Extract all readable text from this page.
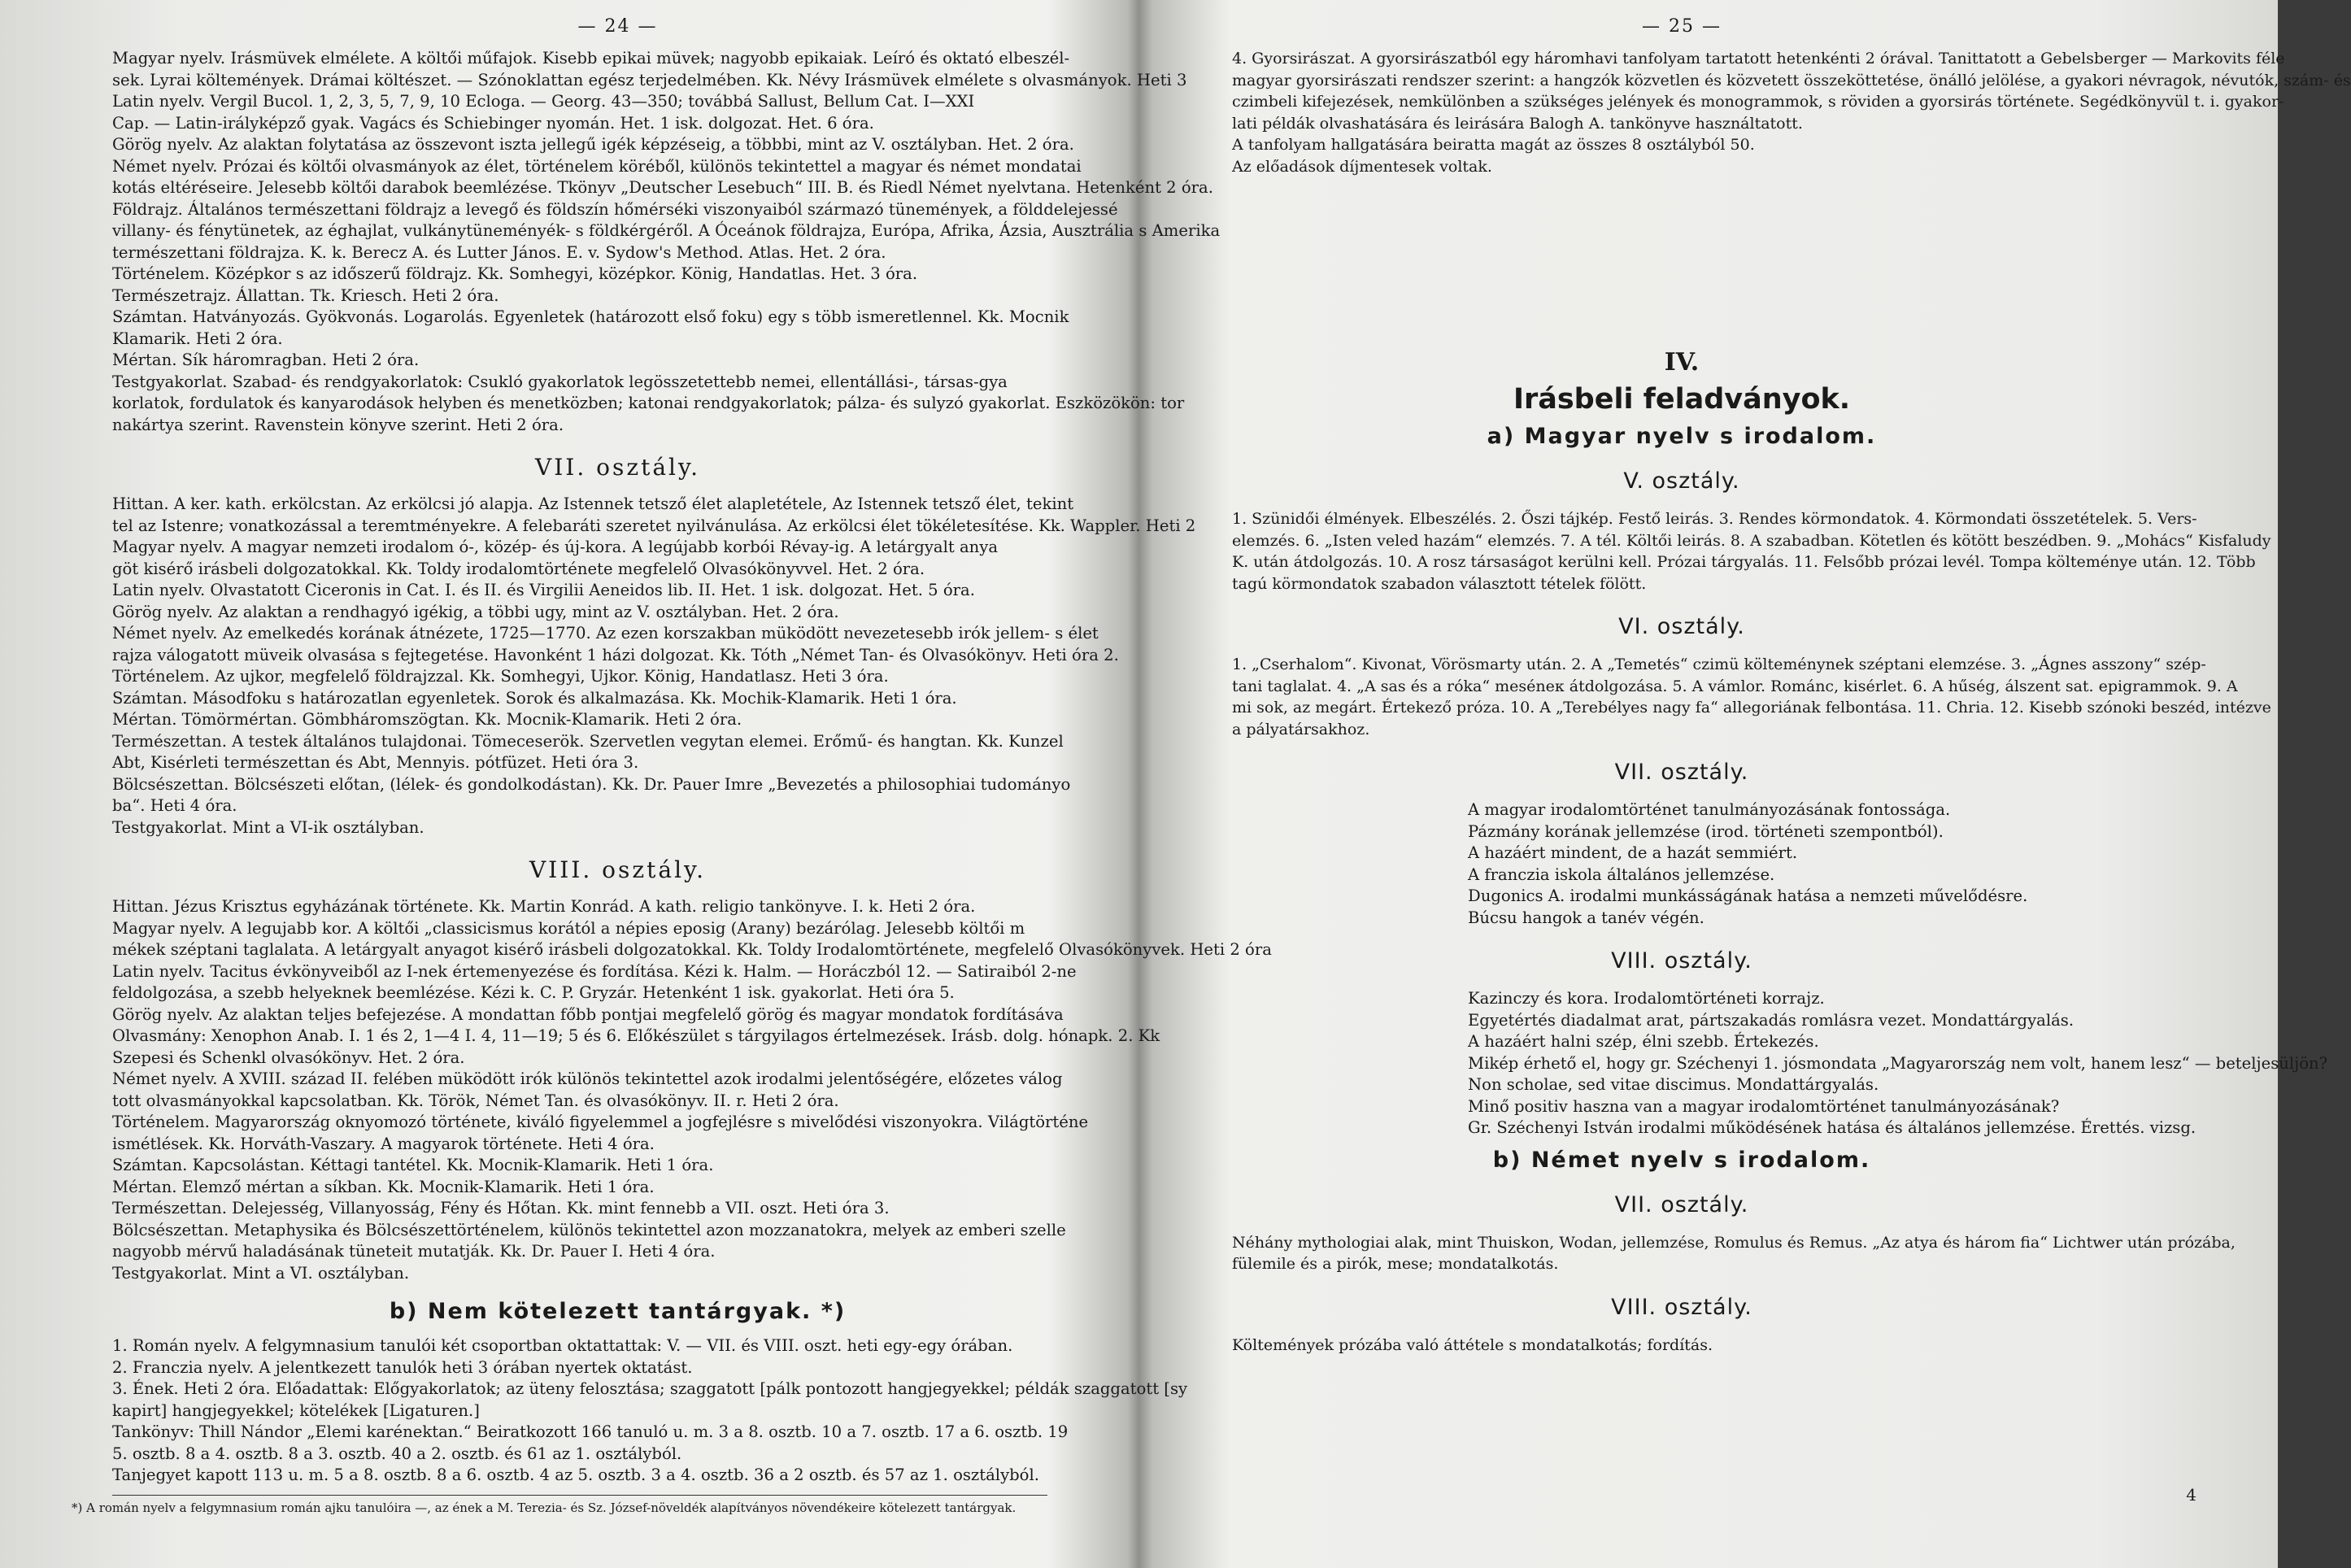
— 24 —
Magyar nyelv. Irásmüvek elmélete. A költői műfajok. Kisebb epikai müvek; nagyobb epikaiak. Leíró és oktató elbeszél-
sek. Lyrai költemények. Drámai költészet. — Szónoklattan egész terjedelmében. Kk. Névy Irásmüvek elmélete s olvasmányok. Heti 3
Latin nyelv. Vergil Bucol. 1, 2, 3, 5, 7, 9, 10 Ecloga. — Georg. 43—350; továbbá Sallust, Bellum Cat. I—XXI
Cap. — Latin-irályképző gyak. Vagács és Schiebinger nyomán. Het. 1 isk. dolgozat. Het. 6 óra.
Görög nyelv. Az alaktan folytatása az összevont iszta jellegű igék képzéseig, a többbi, mint az V. osztályban. Het. 2 óra.
Német nyelv. Prózai és költői olvasmányok az élet, történelem köréből, különös tekintettel a magyar és német mondatai
kotás eltéréseire. Jelesebb költői darabok beemlézése. Tkönyv „Deutscher Lesebuch“ III. B. és Riedl Német nyelvtana. Hetenként 2 óra.
Földrajz. Általános természettani földrajz a levegő és földszín hőmérséki viszonyaiból származó tünemények, a földdelejessé
villany- és fénytünetek, az éghajlat, vulkánytüneményék- s földkérgéről. A Óceánok földrajza, Európa, Afrika, Ázsia, Ausztrália s Amerika
természettani földrajza. K. k. Berecz A. és Lutter János. E. v. Sydow's Method. Atlas. Het. 2 óra.
Történelem. Középkor s az időszerű földrajz. Kk. Somhegyi, középkor. König, Handatlas. Het. 3 óra.
Természetrajz. Állattan. Tk. Kriesch. Heti 2 óra.
Számtan. Hatványozás. Gyökvonás. Logarolás. Egyenletek (határozott első foku) egy s több ismeretlennel. Kk. Mocnik
Klamarik. Heti 2 óra.
Mértan. Sík háromragban. Heti 2 óra.
Testgyakorlat. Szabad- és rendgyakorlatok: Csukló gyakorlatok legösszetettebb nemei, ellentállási-, társas-gya
korlatok, fordulatok és kanyarodások helyben és menetközben; katonai rendgyakorlatok; pálza- és sulyzó gyakorlat. Eszközökön: tor
nakártya szerint. Ravenstein könyve szerint. Heti 2 óra.
VII. osztály.
Hittan. A ker. kath. erkölcstan. Az erkölcsi jó alapja. Az Istennek tetsző élet alapletétele, Az Istennek tetsző élet, tekint
tel az Istenre; vonatkozással a teremtményekre. A felebaráti szeretet nyilvánulása. Az erkölcsi élet tökéletesítése. Kk. Wappler. Heti 2
Magyar nyelv. A magyar nemzeti irodalom ó-, közép- és új-kora. A legújabb korbói Révay-ig. A letárgyalt anya
göt kisérő irásbeli dolgozatokkal. Kk. Toldy irodalomtörténete megfelelő Olvasókönyvvel. Het. 2 óra.
Latin nyelv. Olvastatott Ciceronis in Cat. I. és II. és Virgilii Aeneidos lib. II. Het. 1 isk. dolgozat. Het. 5 óra.
Görög nyelv. Az alaktan a rendhagyó igékig, a többi ugy, mint az V. osztályban. Het. 2 óra.
Német nyelv. Az emelkedés korának átnézete, 1725—1770. Az ezen korszakban müködött nevezetesebb irók jellem- s élet
rajza válogatott müveik olvasása s fejtegetése. Havonként 1 házi dolgozat. Kk. Tóth „Német Tan- és Olvasókönyv. Heti óra 2.
Történelem. Az ujkor, megfelelő földrajzzal. Kk. Somhegyi, Ujkor. König, Handatlasz. Heti 3 óra.
Számtan. Másodfoku s határozatlan egyenletek. Sorok és alkalmazása. Kk. Mochik-Klamarik. Heti 1 óra.
Mértan. Tömörmértan. Gömbháromszögtan. Kk. Mocnik-Klamarik. Heti 2 óra.
Természettan. A testek általános tulajdonai. Tömeceserök. Szervetlen vegytan elemei. Erőmű- és hangtan. Kk. Kunzel
Abt, Kisérleti természettan és Abt, Mennyis. pótfüzet. Heti óra 3.
Bölcsészettan. Bölcsészeti előtan, (lélek- és gondolkodástan). Kk. Dr. Pauer Imre „Bevezetés a philosophiai tudományo
ba“. Heti 4 óra.
Testgyakorlat. Mint a VI-ik osztályban.
VIII. osztály.
Hittan. Jézus Krisztus egyházának története. Kk. Martin Konrád. A kath. religio tankönyve. I. k. Heti 2 óra.
Magyar nyelv. A legujabb kor. A költői „classicismus korától a népies eposig (Arany) bezárólag. Jelesebb költői m
mékek széptani taglalata. A letárgyalt anyagot kisérő irásbeli dolgozatokkal. Kk. Toldy Irodalomtörténete, megfelelő Olvasókönyvek. Heti 2 óra
Latin nyelv. Tacitus évkönyveiből az I-nek értemenyezése és fordítása. Kézi k. Halm. — Horáczból 12. — Satiraiból 2-ne
feldolgozása, a szebb helyeknek beemlézése. Kézi k. C. P. Gryzár. Hetenként 1 isk. gyakorlat. Heti óra 5.
Görög nyelv. Az alaktan teljes befejezése. A mondattan főbb pontjai megfelelő görög és magyar mondatok fordításáva
Olvasmány: Xenophon Anab. I. 1 és 2, 1—4 I. 4, 11—19; 5 és 6. Előkészület s tárgyilagos értelmezések. Irásb. dolg. hónapk. 2. Kk
Szepesi és Schenkl olvasókönyv. Het. 2 óra.
Német nyelv. A XVIII. század II. felében müködött irók különös tekintettel azok irodalmi jelentőségére, előzetes válog
tott olvasmányokkal kapcsolatban. Kk. Török, Német Tan. és olvasókönyv. II. r. Heti 2 óra.
Történelem. Magyarország oknyomozó története, kiváló figyelemmel a jogfejlésre s mivelődési viszonyokra. Világtörténe
ismétlések. Kk. Horváth-Vaszary. A magyarok története. Heti 4 óra.
Számtan. Kapcsolástan. Kéttagi tantétel. Kk. Mocnik-Klamarik. Heti 1 óra.
Mértan. Elemző mértan a síkban. Kk. Mocnik-Klamarik. Heti 1 óra.
Természettan. Delejesség, Villanyosság, Fény és Hőtan. Kk. mint fennebb a VII. oszt. Heti óra 3.
Bölcsészettan. Metaphysika és Bölcsészettörténelem, különös tekintettel azon mozzanatokra, melyek az emberi szelle
nagyobb mérvű haladásának tüneteit mutatják. Kk. Dr. Pauer I. Heti 4 óra.
Testgyakorlat. Mint a VI. osztályban.
b) Nem kötelezett tantárgyak. *)
1. Román nyelv. A felgymnasium tanulói két csoportban oktattattak: V. — VII. és VIII. oszt. heti egy-egy órában.
2. Franczia nyelv. A jelentkezett tanulók heti 3 órában nyertek oktatást.
3. Ének. Heti 2 óra. Előadattak: Előgyakorlatok; az üteny felosztása; szaggatott [pálk pontozott hangjegyekkel; példák szaggatott [sy
kapirt] hangjegyekkel; kötelékek [Ligaturen.]
Tankönyv: Thill Nándor „Elemi karénektan.“ Beiratkozott 166 tanuló u. m. 3 a 8. osztb. 10 a 7. osztb. 17 a 6. osztb. 19
5. osztb. 8 a 4. osztb. 8 a 3. osztb. 40 a 2. osztb. és 61 az 1. osztályból.
Tanjegyet kapott 113 u. m. 5 a 8. osztb. 8 a 6. osztb. 4 az 5. osztb. 3 a 4. osztb. 36 a 2 osztb. és 57 az 1. osztályból.
*) A román nyelv a felgymnasium román ajku tanulóira —, az ének a M. Terezia- és Sz. József-növeldék alapítványos növendékeire kötelezett tantárgyak.
— 25 —
4. Gyorsirászat. A gyorsirászatból egy háromhavi tanfolyam tartatott hetenkénti 2 órával. Tanittatott a Gebelsberger — Markovits féle
magyar gyorsirászati rendszer szerint: a hangzók közvetlen és közvetett összeköttetése, önálló jelölése, a gyakori névragok, névutók, szám- és
czimbeli kifejezések, nemkülönben a szükséges jelények és monogrammok, s röviden a gyorsirás története. Segédkönyvül t. i. gyakor-
lati példák olvashatására és leirására Balogh A. tankönyve használtatott.
A tanfolyam hallgatására beiratta magát az összes 8 osztályból 50.
Az előadások díjmentesek voltak.
IV.
Irásbeli feladványok.
a) Magyar nyelv s irodalom.
V. osztály.
1. Szünidői élmények. Elbeszélés. 2. Őszi tájkép. Festő leirás. 3. Rendes körmondatok. 4. Körmondati összetételek. 5. Vers-
elemzés. 6. „Isten veled hazám“ elemzés. 7. A tél. Költői leirás. 8. A szabadban. Kötetlen és kötött beszédben. 9. „Mohács“ Kisfaludy
K. után átdolgozás. 10. A rosz társaságot kerülni kell. Prózai tárgyalás. 11. Felsőbb prózai levél. Tompa költeménye után. 12. Több
tagú körmondatok szabadon választott tételek fölött.
VI. osztály.
1. „Cserhalom“. Kivonat, Vörösmarty után. 2. A „Temetés“ czimü költeménynek széptani elemzése. 3. „Ágnes asszony“ szép-
tani taglalat. 4. „A sas és a róka“ meséneк átdolgozása. 5. A vámlor. Románc, kisérlet. 6. A hűség, álszent sat. epigrammok. 9. A
mi sok, az megárt. Értekező próza. 10. A „Terebélyes nagy fa“ allegoriának felbontása. 11. Chria. 12. Kisebb szónoki beszéd, intézve
a pályatársakhoz.
VII. osztály.
A magyar irodalomtörténet tanulmányozásának fontossága.
Pázmány korának jellemzése (irod. történeti szempontból).
A hazáért mindent, de a hazát semmiért.
A franczia iskola általános jellemzése.
Dugonics A. irodalmi munkásságának hatása a nemzeti művelődésre.
Búcsu hangok a tanév végén.
VIII. osztály.
Kazinczy és kora. Irodalomtörténeti korrajz.
Egyetértés diadalmat arat, pártszakadás romlásra vezet. Mondattárgyalás.
A hazáért halni szép, élni szebb. Értekezés.
Mikép érhető el, hogy gr. Széchenyi 1. jósmondata „Magyarország nem volt, hanem lesz“ — beteljesüljön?
Non scholae, sed vitae discimus. Mondattárgyalás.
Minő positiv haszna van a magyar irodalomtörténet tanulmányozásának?
Gr. Széchenyi István irodalmi működésének hatása és általános jellemzése. Érettés. vizsg.
b) Német nyelv s irodalom.
VII. osztály.
Néhány mythologiai alak, mint Thuiskon, Wodan, jellemzése, Romulus és Remus. „Az atya és három fia“ Lichtwer után prózába,
fülemile és a pirók, mese; mondatalkotás.
VIII. osztály.
Költemények prózába való áttétele s mondatalkotás; fordítás.
4
